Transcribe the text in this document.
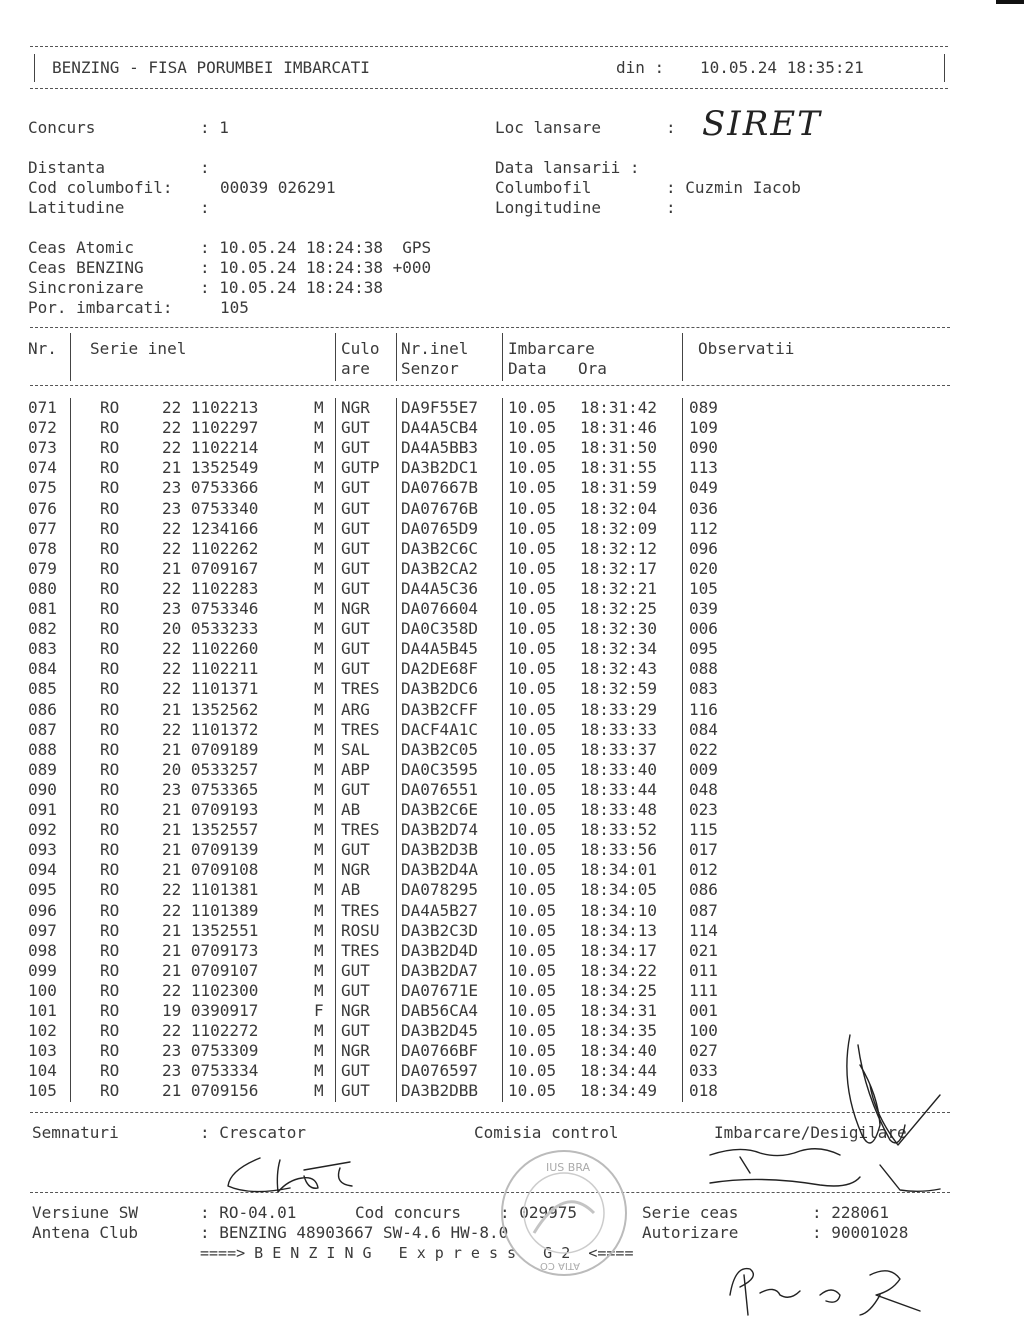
BENZING - FISA PORUMBEI IMBARCATI	din : 10.05.24 18:35:21
Concurs	: 1	Loc lansare	: SIRET
Distanta	:	Data lansarii :
Cod columbofil:	00039 026291	Columbofil	: Cuzmin Iacob
Latitudine	:	Longitudine	:
Ceas Atomic	: 10.05.24 18:24:38  GPS
Ceas BENZING	: 10.05.24 18:24:38 +000
Sincronizare	: 10.05.24 18:24:38
Por. imbarcati:	105
Nr. Serie inel	Culo
are
Nr.inel
Senzor
Imbarcare
Data Ora
Observatii
071	RO	22 1102213	M NGR DA9F55E7 10.05 18:31:42 089
072	RO	22 1102297	M GUT DA4A5CB4 10.05 18:31:46 109
073	RO	22 1102214	M GUT DA4A5BB3 10.05 18:31:50 090
074	RO	21 1352549	M GUTP DA3B2DC1 10.05 18:31:55 113
075	RO	23 0753366	M GUT DA07667B 10.05 18:31:59 049
076	RO	23 0753340	M GUT DA07676B 10.05 18:32:04 036
077	RO	22 1234166	M GUT DA0765D9 10.05 18:32:09 112
078	RO	22 1102262	M GUT DA3B2C6C 10.05 18:32:12 096
079	RO	21 0709167	M GUT DA3B2CA2 10.05 18:32:17 020
080	RO	22 1102283	M GUT DA4A5C36 10.05 18:32:21 105
081	RO	23 0753346	M NGR DA076604 10.05 18:32:25 039
082	RO	20 0533233	M GUT DA0C358D 10.05 18:32:30 006
083	RO	22 1102260	M GUT DA4A5B45 10.05 18:32:34 095
084	RO	22 1102211	M GUT DA2DE68F 10.05 18:32:43 088
085	RO	22 1101371	M TRES DA3B2DC6 10.05 18:32:59 083
086	RO	21 1352562	M ARG DA3B2CFF 10.05 18:33:29 116
087	RO	22 1101372	M TRES DACF4A1C 10.05 18:33:33 084
088	RO	21 0709189	M SAL DA3B2C05 10.05 18:33:37 022
089	RO	20 0533257	M ABP DA0C3595 10.05 18:33:40 009
090	RO	23 0753365	M GUT DA076551 10.05 18:33:44 048
091	RO	21 0709193	M AB	DA3B2C6E 10.05 18:33:48 023
092	RO	21 1352557	M TRES DA3B2D74 10.05 18:33:52 115
093	RO	21 0709139	M GUT DA3B2D3B 10.05 18:33:56 017
094	RO	21 0709108	M NGR DA3B2D4A 10.05 18:34:01 012
095	RO	22 1101381	M AB	DA078295 10.05 18:34:05 086
096	RO	22 1101389	M TRES DA4A5B27 10.05 18:34:10 087
097	RO	21 1352551	M ROSU DA3B2C3D 10.05 18:34:13 114
098	RO	21 0709173	M TRES DA3B2D4D 10.05 18:34:17 021
099	RO	21 0709107	M GUT DA3B2DA7 10.05 18:34:22 011
100	RO	22 1102300	M GUT DA07671E 10.05 18:34:25 111
101	RO	19 0390917	F NGR DAB56CA4 10.05 18:34:31 001
102	RO	22 1102272	M GUT DA3B2D45 10.05 18:34:35 100
103	RO	23 0753309	M NGR DA0766BF 10.05 18:34:40 027
104	RO	23 0753334	M GUT DA076597 10.05 18:34:44 033
105	RO	21 0709156	M GUT DA3B2DBB 10.05 18:34:49 018
Semnaturi	: Crescator	Comisia control	Imbarcare/Desigilare
Versiune SW	: RO-04.01	Cod concurs : 029975	Serie ceas	: 228061
Antena Club	: BENZING 48903667 SW-4.6 HW-8.0	Autorizare	: 90001028
====> B E N Z I N G   E x p r e s s   G 2  <====
IUS BRA
ATIA CO
